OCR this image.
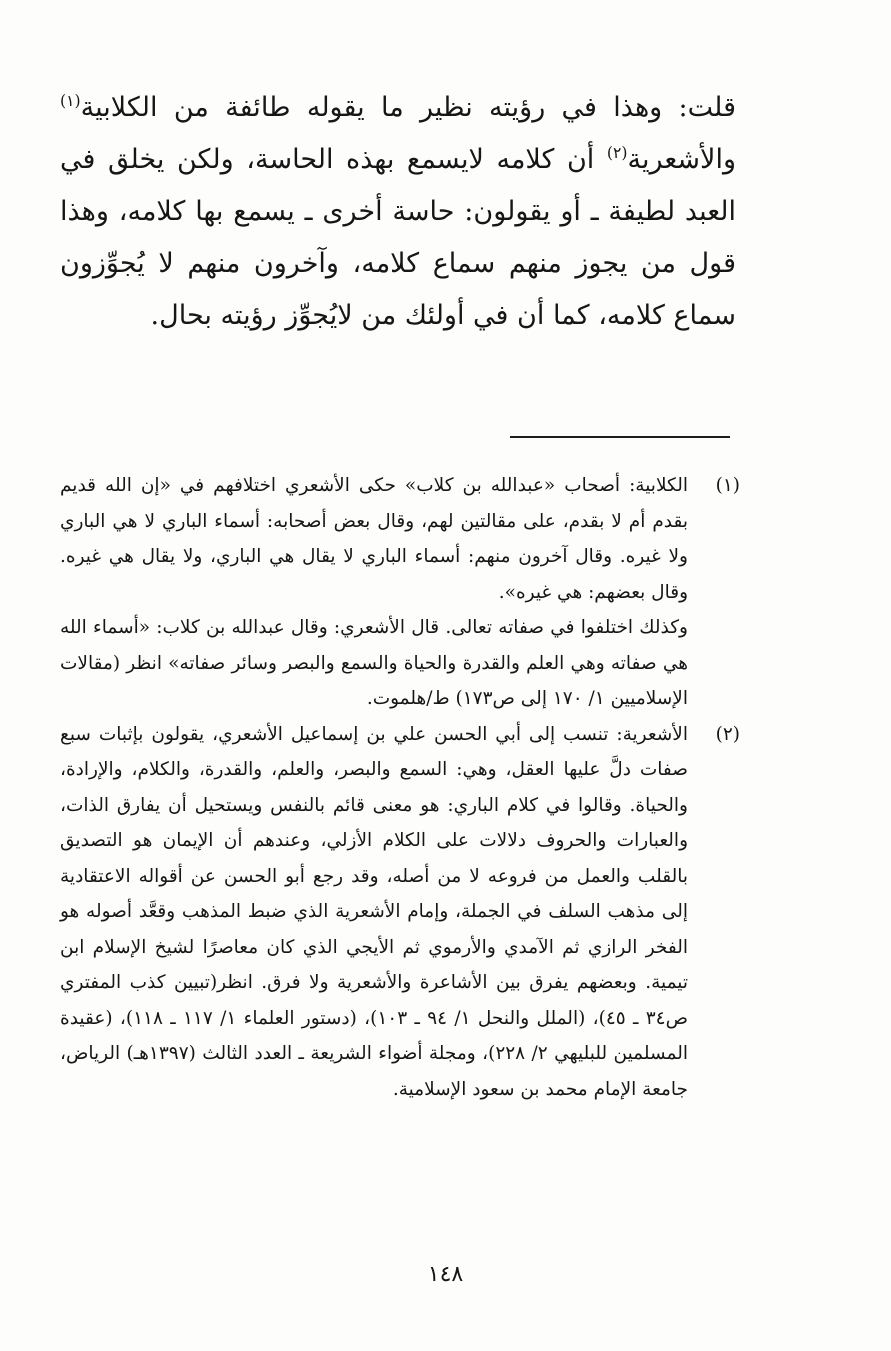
قلت: وهذا في رؤيته نظير ما يقوله طائفة من الكلابية$^{(١)}$ والأشعرية$^{(٢)}$ أن كلامه لايسمع بهذه الحاسة، ولكن يخلق في العبد لطيفة ـ أو يقولون: حاسة أخرى ـ يسمع بها كلامه، وهذا قول من يجوز منهم سماع كلامه، وآخرون منهم لا يُجوِّزون سماع كلامه، كما أن في أولئك من لايُجوِّز رؤيته بحال.

(١)

الكلابية: أصحاب «عبدالله بن كلاب» حكى الأشعري اختلافهم في «إن الله قديم بقدم أم لا بقدم، على مقالتين لهم، وقال بعض أصحابه: أسماء الباري لا هي الباري ولا غيره. وقال آخرون منهم: أسماء الباري لا يقال هي الباري، ولا يقال هي غيره. وقال بعضهم: هي غيره».

وكذلك اختلفوا في صفاته تعالى. قال الأشعري: وقال عبدالله بن كلاب: «أسماء الله هي صفاته وهي العلم والقدرة والحياة والسمع والبصر وسائر صفاته» انظر (مقالات الإسلاميين ١/ ١٧٠ إلى ص١٧٣) ط/هلموت.

(٢)

الأشعرية: تنسب إلى أبي الحسن علي بن إسماعيل الأشعري، يقولون بإثبات سبع صفات دلَّ عليها العقل، وهي: السمع والبصر، والعلم، والقدرة، والكلام، والإرادة، والحياة. وقالوا في كلام الباري: هو معنى قائم بالنفس ويستحيل أن يفارق الذات، والعبارات والحروف دلالات على الكلام الأزلي، وعندهم أن الإيمان هو التصديق بالقلب والعمل من فروعه لا من أصله، وقد رجع أبو الحسن عن أقواله الاعتقادية إلى مذهب السلف في الجملة، وإمام الأشعرية الذي ضبط المذهب وقعَّد أصوله هو الفخر الرازي ثم الآمدي والأرموي ثم الأيجي الذي كان معاصرًا لشيخ الإسلام ابن تيمية. وبعضهم يفرق بين الأشاعرة والأشعرية ولا فرق. انظر(تبيين كذب المفتري ص٣٤ ـ ٤٥)، (الملل والنحل ١/ ٩٤ ـ ١٠٣)، (دستور العلماء ١/ ١١٧ ـ ١١٨)، (عقيدة المسلمين للبليهي ٢/ ٢٢٨)، ومجلة أضواء الشريعة ـ العدد الثالث (١٣٩٧هـ) الرياض، جامعة الإمام محمد بن سعود الإسلامية.

١٤٨
